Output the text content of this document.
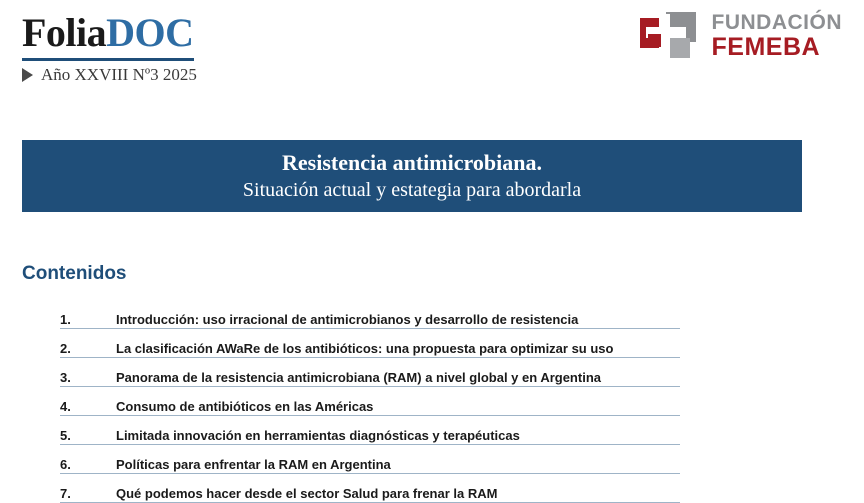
FoliaDOC
Año XXVIII Nº3 2025
FUNDACIÓN
FEMEBA
Resistencia antimicrobiana.
Situación actual y estategia para abordarla
Contenidos
1.	Introducción: uso irracional de antimicrobianos y desarrollo de resistencia
2.	La clasificación AWaRe de los antibióticos: una propuesta para optimizar su uso
3.	Panorama de la resistencia antimicrobiana (RAM) a nivel global y en Argentina
4.	Consumo de antibióticos en las Américas
5.	Limitada innovación en herramientas diagnósticas y terapéuticas
6.	Políticas para enfrentar la RAM en Argentina
7.	Qué podemos hacer desde el sector Salud para frenar la RAM
